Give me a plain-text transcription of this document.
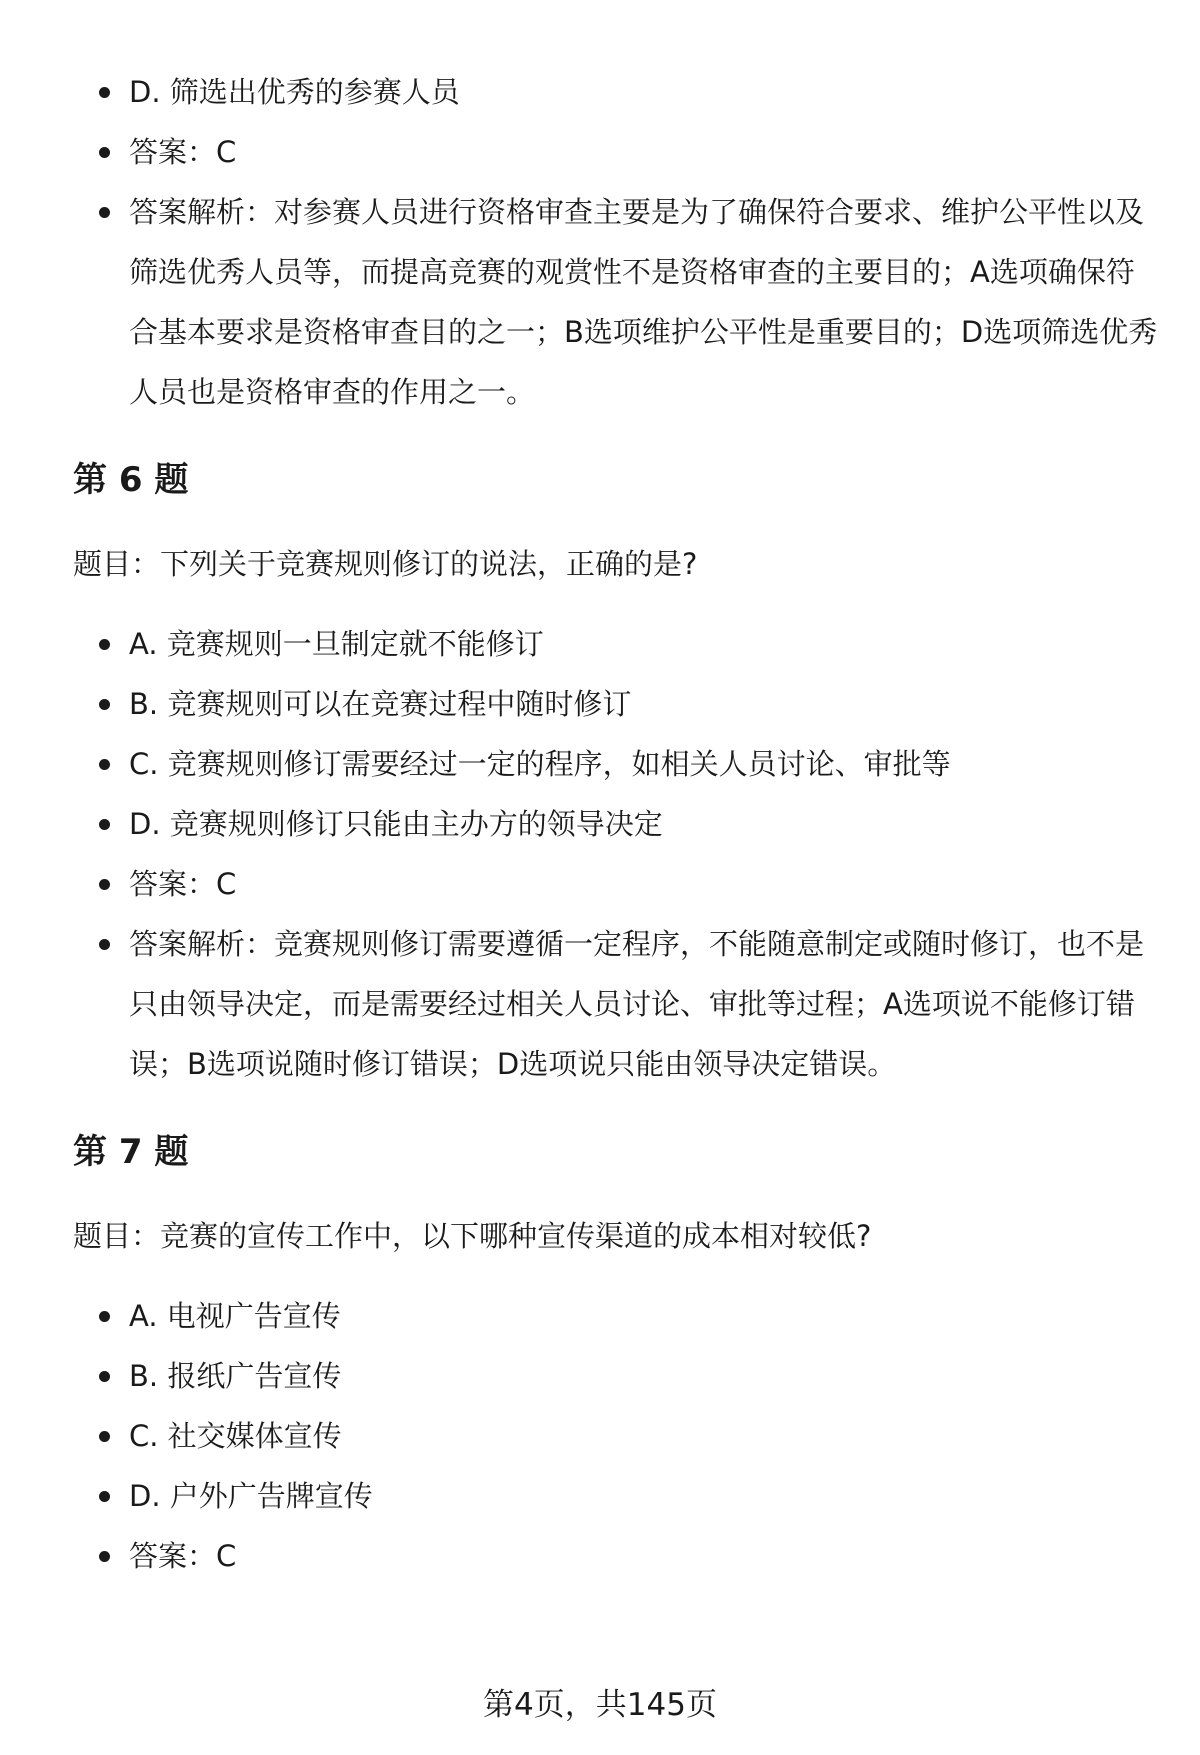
D. 筛选出优秀的参赛人员
答案：C
答案解析：对参赛人员进行资格审查主要是为了确保符合要求、维护公平性以及筛选优秀人员等，而提高竞赛的观赏性不是资格审查的主要目的；A选项确保符合基本要求是资格审查目的之一；B选项维护公平性是重要目的；D选项筛选优秀人员也是资格审查的作用之一。
第 6 题

题目：下列关于竞赛规则修订的说法，正确的是?

A. 竞赛规则一旦制定就不能修订
B. 竞赛规则可以在竞赛过程中随时修订
C. 竞赛规则修订需要经过一定的程序，如相关人员讨论、审批等
D. 竞赛规则修订只能由主办方的领导决定
答案：C
答案解析：竞赛规则修订需要遵循一定程序，不能随意制定或随时修订，也不是只由领导决定，而是需要经过相关人员讨论、审批等过程；A选项说不能修订错误；B选项说随时修订错误；D选项说只能由领导决定错误。
第 7 题

题目：竞赛的宣传工作中，以下哪种宣传渠道的成本相对较低?

A. 电视广告宣传
B. 报纸广告宣传
C. 社交媒体宣传
D. 户外广告牌宣传
答案：C
第4页，共145页
